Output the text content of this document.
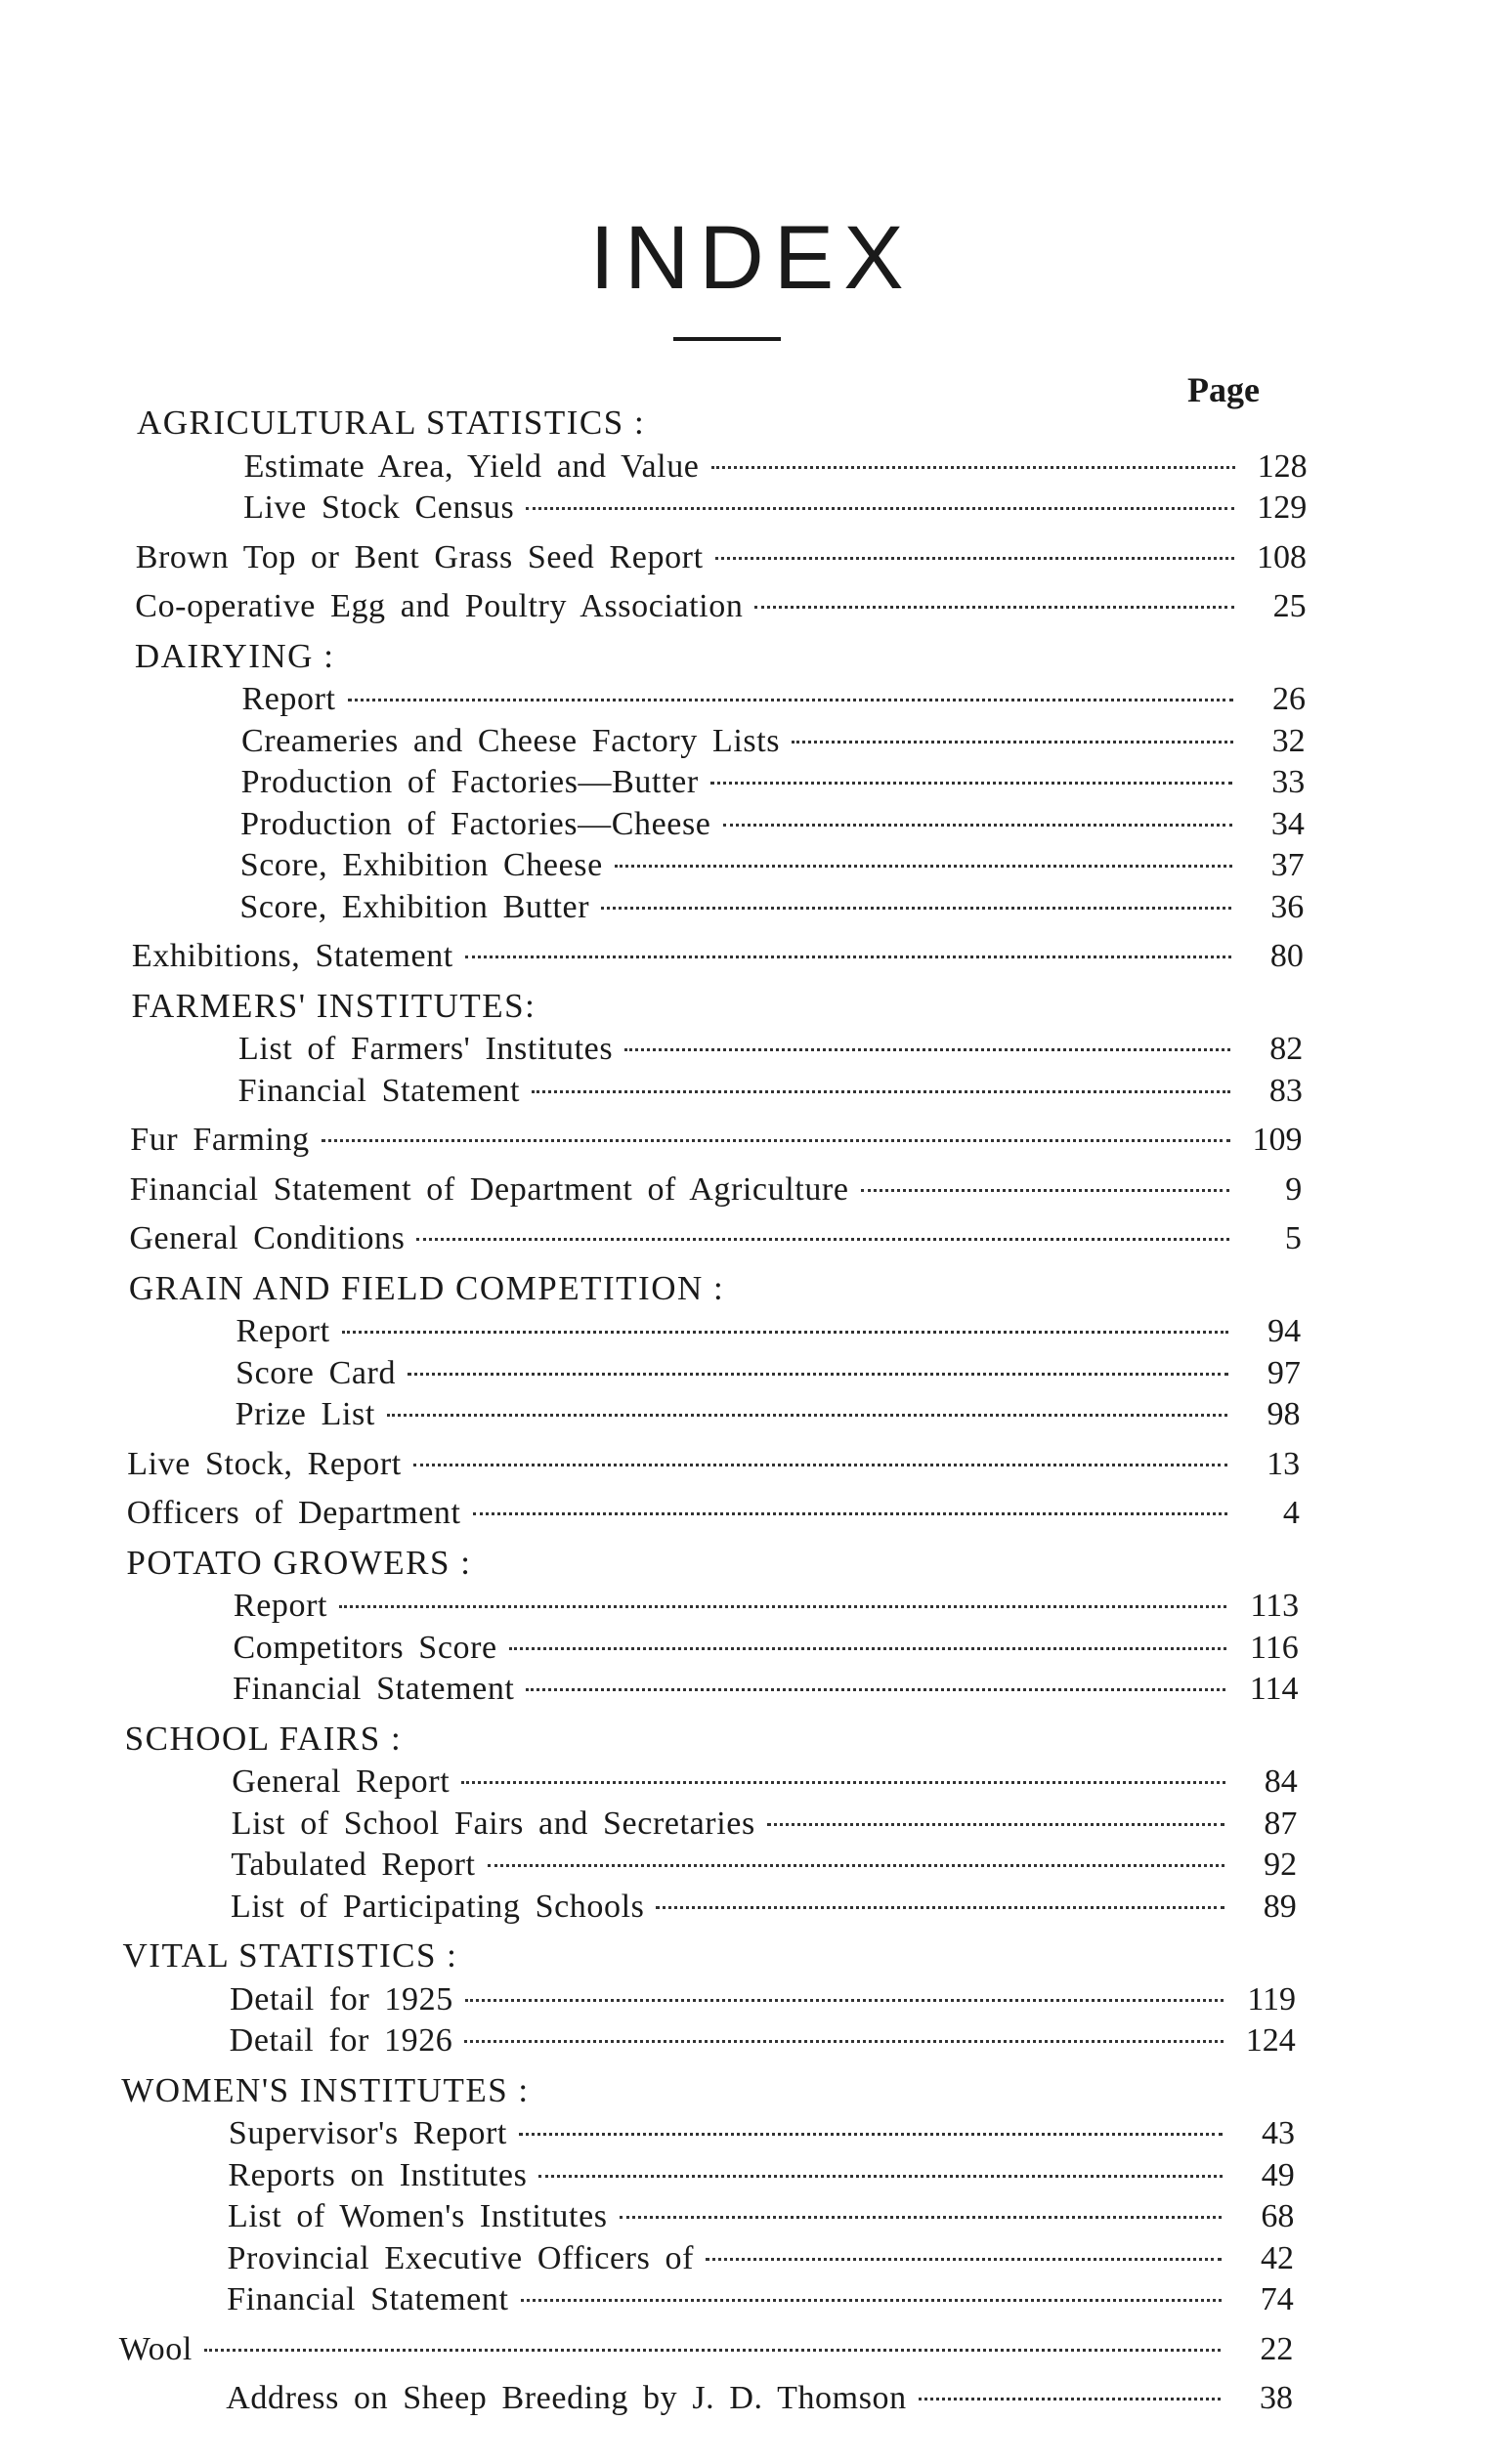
INDEX
Page
AGRICULTURAL STATISTICS :
Estimate Area, Yield and Value	128
Live Stock Census	129
Brown Top or Bent Grass Seed Report	108
Co-operative Egg and Poultry Association	25
DAIRYING :
Report	26
Creameries and Cheese Factory Lists	32
Production of Factories—Butter	33
Production of Factories—Cheese	34
Score, Exhibition Cheese	37
Score, Exhibition Butter	36
Exhibitions, Statement	80
FARMERS' INSTITUTES:
List of Farmers' Institutes	82
Financial Statement	83
Fur Farming	109
Financial Statement of Department of Agriculture	9
General Conditions	5
GRAIN AND FIELD COMPETITION :
Report	94
Score Card	97
Prize List	98
Live Stock, Report	13
Officers of Department	4
POTATO GROWERS :
Report	113
Competitors Score	116
Financial Statement	114
SCHOOL FAIRS :
General Report	84
List of School Fairs and Secretaries	87
Tabulated Report	92
List of Participating Schools	89
VITAL STATISTICS :
Detail for 1925	119
Detail for 1926	124
WOMEN'S INSTITUTES :
Supervisor's Report	43
Reports on Institutes	49
List of Women's Institutes	68
Provincial Executive Officers of	42
Financial Statement	74
Wool	22
Address on Sheep Breeding by J. D. Thomson	38
